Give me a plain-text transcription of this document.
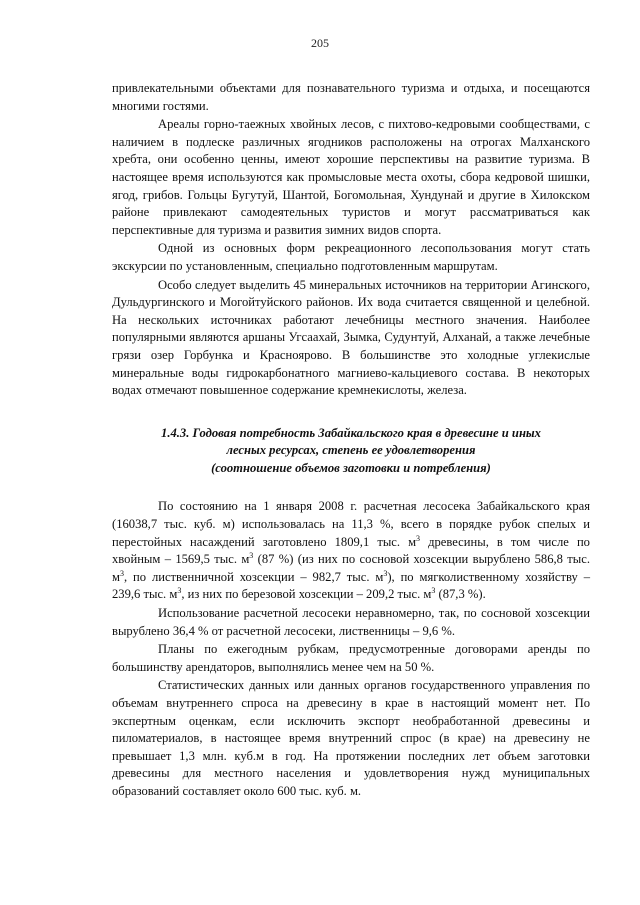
205

привлекательными объектами для познавательного туризма и отдыха, и посещаются многими гостями.

Ареалы горно-таежных хвойных лесов, с пихтово-кедровыми сообществами, с наличием в подлеске различных ягодников расположены на отрогах Малханского хребта, они особенно ценны, имеют хорошие перспективы на развитие туризма. В настоящее время используются как промысловые места охоты, сбора кедровой шишки, ягод, грибов. Гольцы Бугутуй, Шантой, Богомольная, Хундунай и другие в Хилокском районе привлекают самодеятельных туристов и могут рассматриваться как перспективные для туризма и развития зимних видов спорта.

Одной из основных форм рекреационного лесопользования могут стать экскурсии по установленным, специально подготовленным маршрутам.

Особо следует выделить 45 минеральных источников на территории Агинского, Дульдургинского и Могойтуйского районов. Их вода считается священной и целебной. На нескольких источниках работают лечебницы местного значения. Наиболее популярными являются аршаны Угсаахай, Зымка, Судунтуй, Алханай, а также лечебные грязи озер Горбунка и Красноярово. В большинстве это холодные углекислые минеральные воды гидрокарбонатного магниево-кальциевого состава. В некоторых водах отмечают повышенное содержание кремнекислоты, железа.

1.4.3. Годовая потребность Забайкальского края в древесине и иных
лесных ресурсах, степень ее удовлетворения
(соотношение объемов заготовки и потребления)

По состоянию на 1 января 2008 г. расчетная лесосека Забайкальского края (16038,7 тыс. куб. м) использовалась на 11,3 %, всего в порядке рубок спелых и перестойных насаждений заготовлено 1809,1 тыс. $м^3$ древесины, в том числе по хвойным – 1569,5 тыс. $м^3$ (87 %) (из них по сосновой хозсекции вырублено 586,8 тыс. $м^3$, по лиственничной хозсекции – 982,7 тыс. $м^3$), по мягколиственному хозяйству – 239,6 тыс. $м^3$, из них по березовой хозсекции – 209,2 тыс. $м^3$ (87,3 %).

Использование расчетной лесосеки неравномерно, так, по сосновой хозсекции вырублено 36,4 % от расчетной лесосеки, лиственницы – 9,6 %.

Планы по ежегодным рубкам, предусмотренные договорами аренды по большинству арендаторов, выполнялись менее чем на 50 %.

Статистических данных или данных органов государственного управления по объемам внутреннего спроса на древесину в крае в настоящий момент нет. По экспертным оценкам, если исключить экспорт необработанной древесины и пиломатериалов, в настоящее время внутренний спрос (в крае) на древесину не превышает 1,3 млн. куб.м в год. На протяжении последних лет объем заготовки древесины для местного населения и удовлетворения нужд муниципальных образований составляет около 600 тыс. куб. м.
